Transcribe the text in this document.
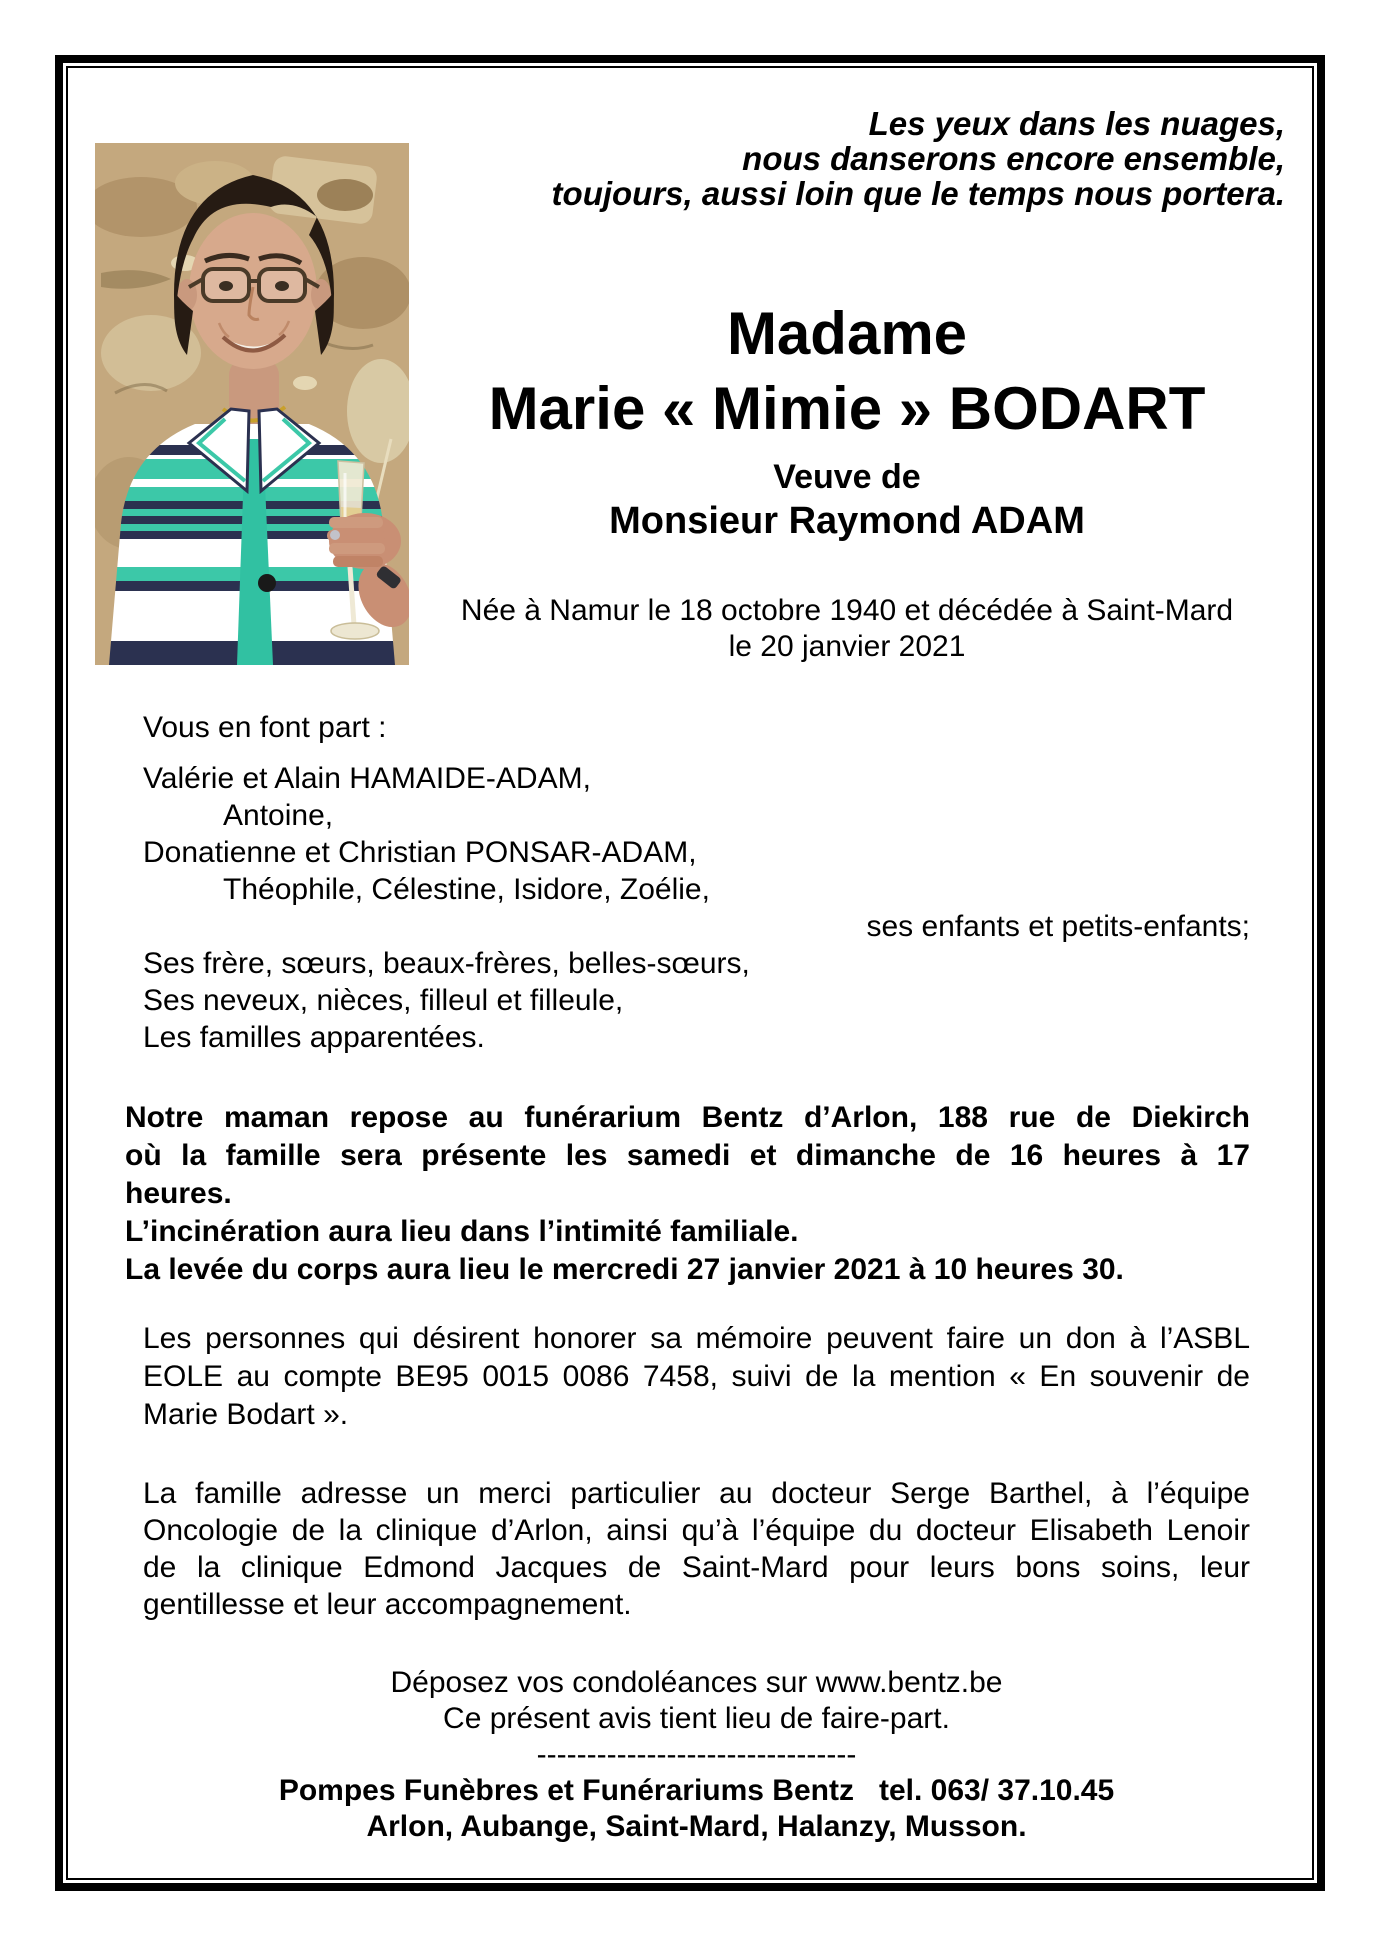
Les yeux dans les nuages,
nous danserons encore ensemble,
toujours, aussi loin que le temps nous portera.
Madame
Marie « Mimie » BODART
Veuve de
Monsieur Raymond ADAM
Née à Namur le 18 octobre 1940 et décédée à Saint-Mard
le 20 janvier 2021
Vous en font part :
Valérie et Alain HAMAIDE-ADAM,
Antoine,
Donatienne et Christian PONSAR-ADAM,
Théophile, Célestine, Isidore, Zoélie,
ses enfants et petits-enfants;
Ses frère, sœurs, beaux-frères, belles-sœurs,
Ses neveux, nièces, filleul et filleule,
Les familles apparentées.
Notre maman repose au funérarium Bentz d’Arlon, 188 rue de Diekirch
où la famille sera présente les samedi et dimanche de 16 heures à 17
heures.
L’incinération aura lieu dans l’intimité familiale.
La levée du corps aura lieu le mercredi 27 janvier 2021 à 10 heures 30.
Les personnes qui désirent honorer sa mémoire peuvent faire un don à l’ASBL
EOLE au compte BE95 0015 0086 7458, suivi de la mention « En souvenir de
Marie Bodart ».
La famille adresse un merci particulier au docteur Serge Barthel, à l’équipe
Oncologie de la clinique d’Arlon, ainsi qu’à l’équipe du docteur Elisabeth Lenoir
de la clinique Edmond Jacques de Saint-Mard pour leurs bons soins, leur
gentillesse et leur accompagnement.
Déposez vos condoléances sur www.bentz.be
Ce présent avis tient lieu de faire-part.
--------------------------------
Pompes Funèbres et Funérariums Bentz   tel. 063/ 37.10.45
Arlon, Aubange, Saint-Mard, Halanzy, Musson.
